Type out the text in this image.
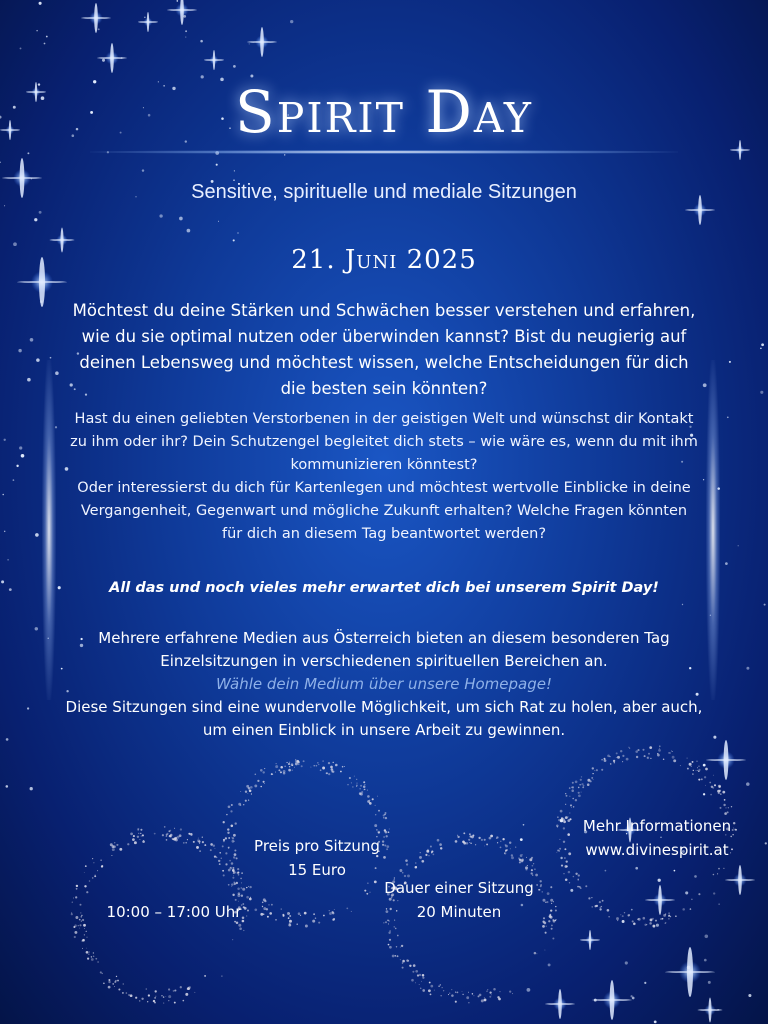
Spirit Day
Sensitive, spirituelle und mediale Sitzungen
21. Juni 2025
Möchtest du deine Stärken und Schwächen besser verstehen und erfahren, wie du sie optimal nutzen oder überwinden kannst? Bist du neugierig auf deinen Lebensweg und möchtest wissen, welche Entscheidungen für dich die besten sein könnten?
Hast du einen geliebten Verstorbenen in der geistigen Welt und wünschst dir Kontakt zu ihm oder ihr? Dein Schutzengel begleitet dich stets – wie wäre es, wenn du mit ihm kommunizieren könntest?
Oder interessierst du dich für Kartenlegen und möchtest wertvolle Einblicke in deine Vergangenheit, Gegenwart und mögliche Zukunft erhalten? Welche Fragen könnten für dich an diesem Tag beantwortet werden?
All das und noch vieles mehr erwartet dich bei unserem Spirit Day!
Mehrere erfahrene Medien aus Österreich bieten an diesem besonderen Tag Einzelsitzungen in verschiedenen spirituellen Bereichen an.
Wähle dein Medium über unsere Homepage!
Diese Sitzungen sind eine wundervolle Möglichkeit, um sich Rat zu holen, aber auch, um einen Einblick in unsere Arbeit zu gewinnen.
10:00 – 17:00 Uhr
Preis pro Sitzung
15 Euro
Dauer einer Sitzung
20 Minuten
Mehr Informationen
www.divinespirit.at
